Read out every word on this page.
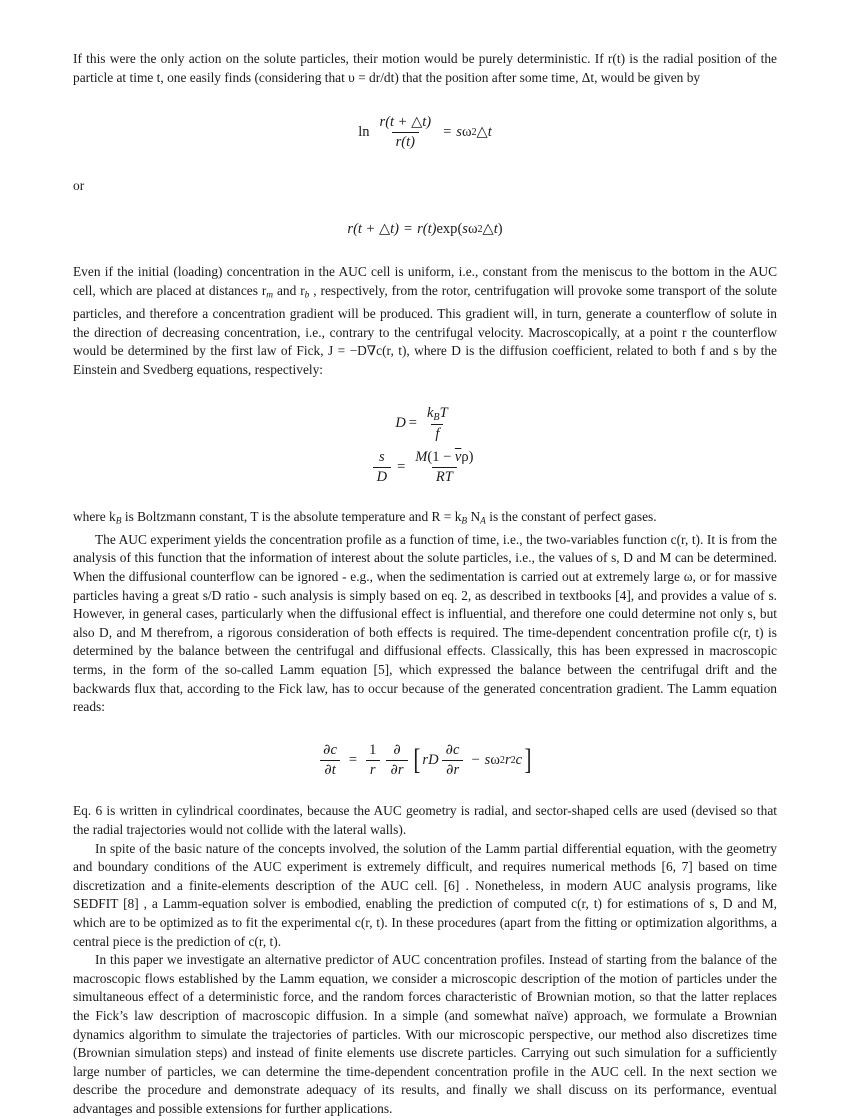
If this were the only action on the solute particles, their motion would be purely deterministic. If r(t) is the radial position of the particle at time t, one easily finds (considering that υ = dr/dt) that the position after some time, Δt, would be given by

$\ln \frac{r(t + \triangle t)}{r(t)} = s$ ω 2 △t

or

r(t + △t) = r(t) exp ( s ω 2 △t )

Even if the initial (loading) concentration in the AUC cell is uniform, i.e., constant from the meniscus to the bottom in the AUC cell, which are placed at distances $r_m$ and $r_b$ , respectively, from the rotor, centrifugation will provoke some transport of the solute particles, and therefore a concentration gradient will be produced. This gradient will, in turn, generate a counterflow of solute in the direction of decreasing concentration, i.e., contrary to the centrifugal velocity. Macroscopically, at a point r the counterflow would be determined by the first law of Fick, J = −D∇c(r, t), where D is the diffusion coefficient, related to both f and s by the Einstein and Svedberg equations, respectively:

$D = \frac{k_BT}{f}$
$\frac{s}{D} = \frac{M(1 - \overline{v}\rho)}{RT}$

where $k_B$ is Boltzmann constant, T is the absolute temperature and $R = k_B$ $N_A$ is the constant of perfect gases.

The AUC experiment yields the concentration profile as a function of time, i.e., the two-variables function c(r, t). It is from the analysis of this function that the information of interest about the solute particles, i.e., the values of s, D and M can be determined. When the diffusional counterflow can be ignored - e.g., when the sedimentation is carried out at extremely large ω, or for massive particles having a great s/D ratio - such analysis is simply based on eq. 2, as described in textbooks [4], and provides a value of s. However, in general cases, particularly when the diffusional effect is influential, and therefore one could determine not only s, but also D, and M therefrom, a rigorous consideration of both effects is required. The time-dependent concentration profile c(r, t) is determined by the balance between the centrifugal and diffusional effects. Classically, this has been expressed in macroscopic terms, in the form of the so-called Lamm equation [5], which expressed the balance between the centrifugal drift and the backwards flux that, according to the Fick law, has to occur because of the generated concentration gradient. The Lamm equation reads:

$\frac{\partial c}{\partial t} = \frac{1}{r} \frac{\partial}{\partial r}$ [ rD $\frac{\partial c}{\partial r} - s$ ω 2 r 2 c ]

Eq. 6 is written in cylindrical coordinates, because the AUC geometry is radial, and sector-shaped cells are used (devised so that the radial trajectories would not collide with the lateral walls).

In spite of the basic nature of the concepts involved, the solution of the Lamm partial differential equation, with the geometry and boundary conditions of the AUC experiment is extremely difficult, and requires numerical methods [6, 7] based on time discretization and a finite-elements description of the AUC cell. [6] . Nonetheless, in modern AUC analysis programs, like SEDFIT [8] , a Lamm-equation solver is embodied, enabling the prediction of computed c(r, t) for estimations of s, D and M, which are to be optimized as to fit the experimental c(r, t). In these procedures (apart from the fitting or optimization algorithms, a central piece is the prediction of c(r, t).

In this paper we investigate an alternative predictor of AUC concentration profiles. Instead of starting from the balance of the macroscopic flows established by the Lamm equation, we consider a microscopic description of the motion of particles under the simultaneous effect of a deterministic force, and the random forces characteristic of Brownian motion, so that the latter replaces the Fick’s law description of macroscopic diffusion. In a simple (and somewhat naïve) approach, we formulate a Brownian dynamics algorithm to simulate the trajectories of particles. With our microscopic perspective, our method also discretizes time (Brownian simulation steps) and instead of finite elements use discrete particles. Carrying out such simulation for a sufficiently large number of particles, we can determine the time-dependent concentration profile in the AUC cell. In the next section we describe the procedure and demonstrate adequacy of its results, and finally we shall discuss on its performance, eventual advantages and possible extensions for further applications.
